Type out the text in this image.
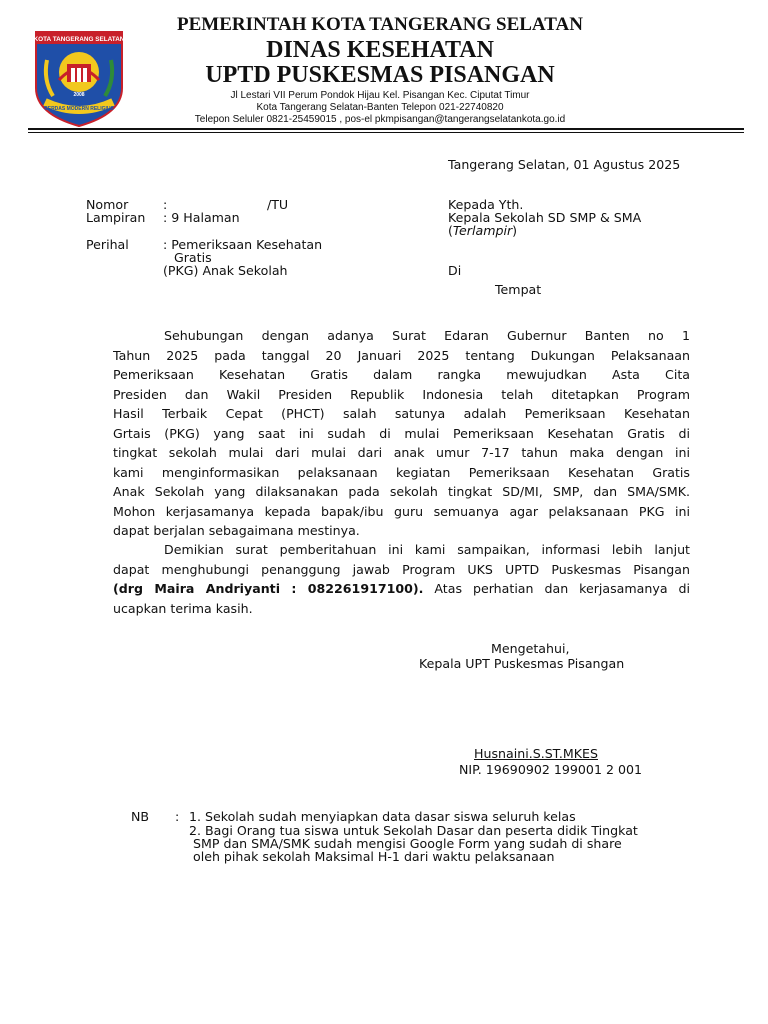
KOTA TANGERANG SELATAN
CERDAS MODERN RELIGIUS
2008
PEMERINTAH KOTA TANGERANG SELATAN
DINAS KESEHATAN
UPTD PUSKESMAS PISANGAN
Jl Lestari VII Perum Pondok Hijau Kel. Pisangan Kec. Ciputat Timur
Kota Tangerang Selatan-Banten Telepon 021-22740820
Telepon Seluler 0821-25459015 , pos-el pkmpisangan@tangerangselatankota.go.id
Tangerang Selatan, 01 Agustus 2025
Nomor	:	/TU
Lampiran : 9 Halaman
Perihal	: Pemeriksaan Kesehatan
Gratis
(PKG) Anak Sekolah
Kepada Yth.
Kepala Sekolah SD SMP & SMA
(Terlampir)
Di
Tempat
Sehubungan dengan adanya Surat Edaran Gubernur Banten no 1
Tahun 2025 pada tanggal 20 Januari 2025 tentang Dukungan Pelaksanaan
Pemeriksaan Kesehatan Gratis dalam rangka mewujudkan Asta Cita
Presiden dan Wakil Presiden Republik Indonesia telah ditetapkan Program
Hasil Terbaik Cepat (PHCT) salah satunya adalah Pemeriksaan Kesehatan
Grtais (PKG) yang saat ini sudah di mulai Pemeriksaan Kesehatan Gratis di
tingkat sekolah mulai dari mulai dari anak umur 7-17 tahun maka dengan ini
kami menginformasikan pelaksanaan kegiatan Pemeriksaan Kesehatan Gratis
Anak Sekolah yang dilaksanakan pada sekolah tingkat SD/MI, SMP, dan SMA/SMK.
Mohon kerjasamanya kepada bapak/ibu guru semuanya agar pelaksanaan PKG ini
dapat berjalan sebagaimana mestinya.
Demikian surat pemberitahuan ini kami sampaikan, informasi lebih lanjut
dapat menghubungi penanggung jawab Program UKS UPTD Puskesmas Pisangan
(drg Maira Andriyanti : 082261917100). Atas perhatian dan kerjasamanya di
ucapkan terima kasih.
Mengetahui,
Kepala UPT Puskesmas Pisangan
Husnaini.S.ST.MKES
NIP. 19690902 199001 2 001
NB : 1. Sekolah sudah menyiapkan data dasar siswa seluruh kelas
2. Bagi Orang tua siswa untuk Sekolah Dasar dan peserta didik Tingkat
SMP dan SMA/SMK sudah mengisi Google Form yang sudah di share
oleh pihak sekolah Maksimal H-1 dari waktu pelaksanaan
